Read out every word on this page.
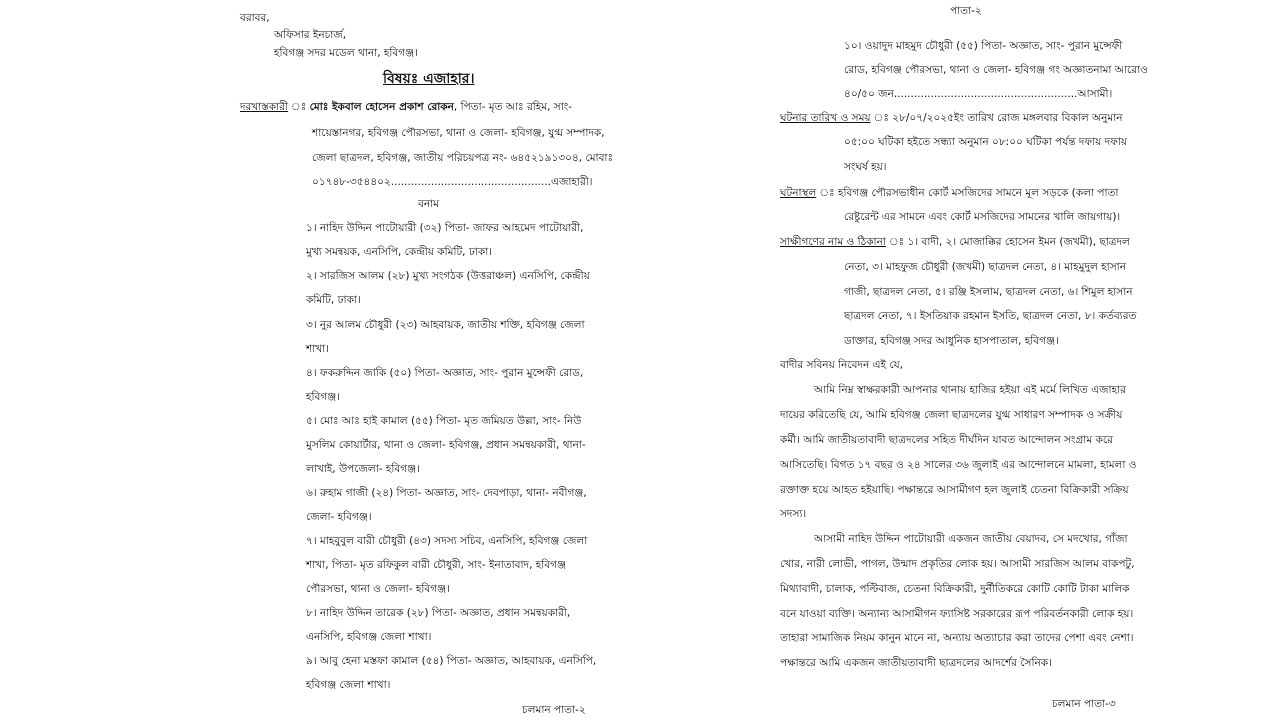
বরাবর,
অফিসার ইনচার্জ,
হবিগঞ্জ সদর মডেল থানা, হবিগঞ্জ।
বিষয়ঃ এজাহার।
দরখাস্তকারী মোঃ ইকবাল হোসেন প্রকাশ রোকন, পিতা- মৃত আঃ রহিম, সাং-
শায়েস্তানগর, হবিগঞ্জ পৌরসভা, থানা ও জেলা- হবিগঞ্জ, যুগ্ম সম্পাদক,
জেলা ছাত্রদল, হবিগঞ্জ, জাতীয় পরিচয়পত্র নং- ৬৪৫২১৯১৩০৪, মোবাঃ
০১৭৪৮-৩৫৪৪০২................................................এজাহারী।
বনাম
১। নাহিদ উদ্দিন পাটোয়ারী (৩২) পিতা- জাফর আহমেদ পাটোয়ারী,
মুখ্য সমন্বয়ক, এনসিপি, কেন্দ্রীয় কমিটি, ঢাকা।
২। সারজিস আলম (২৮) মুখ্য সংগঠক (উত্তরাঞ্চল) এনসিপি, কেন্দ্রীয়
কমিটি, ঢাকা।
৩। নুর আলম চৌধুরী (২৩) আহবায়ক, জাতীয় শক্তি, হবিগঞ্জ জেলা
শাখা।
৪। ফকরুদ্দিন জাকি (৫০) পিতা- অজ্ঞাত, সাং- পুরান মুন্সেফী রোড,
হবিগঞ্জ।
৫। মোঃ আঃ হাই কামাল (৫৫) পিতা- মৃত জমিয়ত উল্লা, সাং- নিউ
মুসলিম কোয়ার্টার, থানা ও জেলা- হবিগঞ্জ, প্রধান সমন্বয়কারী, থানা-
লাখাই, উপজেলা- হবিগঞ্জ।
৬। রুহাম গাজী (২৪) পিতা- অজ্ঞাত, সাং- দেবপাড়া, থানা- নবীগঞ্জ,
জেলা- হবিগঞ্জ।
৭। মাহবুবুল বারী চৌধুরী (৪৩) সদস্য সচিব, এনসিপি, হবিগঞ্জ জেলা
শাখা, পিতা- মৃত রফিকুল বারী চৌধুরী, সাং- ইনাতাবাদ, হবিগঞ্জ
পৌরসভা, থানা ও জেলা- হবিগঞ্জ।
৮। নাহিদ উদ্দিন তারেক (২৮) পিতা- অজ্ঞাত, প্রধান সমন্বয়কারী,
এনসিপি, হবিগঞ্জ জেলা শাখা।
৯। আবু হেনা মস্তফা কামাল (৫৪) পিতা- অজ্ঞাত, আহবায়ক, এনসিপি,
হবিগঞ্জ জেলা শাখা।
চলমান পাতা-২
পাতা-২
১০। ওয়াদুদ মাহমুদ চৌধুরী (৫৫) পিতা- অজ্ঞাত, সাং- পুরান মুন্সেফী
রোড, হবিগঞ্জ পৌরসভা, থানা ও জেলা- হবিগঞ্জ গং অজ্ঞাতনামা আরোও
৪০/৫০ জন.......................................................আসামী।
ঘটনার তারিখ ও সময় ঃ ২৮/০৭/২০২৫ইং তারিখ রোজ মঙ্গলবার বিকাল অনুমান
০৫:০০ ঘটিকা হইতে সন্ধ্যা অনুমান ০৮:০০ ঘটিকা পর্যন্ত দফায় দফায়
সংঘর্ষ হয়।
ঘটনাস্থল ঃ হবিগঞ্জ পৌরসভাধীন কোর্ট মসজিদের সামনে মূল সড়কে (কলা পাতা
রেষ্টুরেন্ট এর সামনে এবং কোর্ট মসজিদের সামনের খালি জায়গায়)।
সাক্ষীগণের নাম ও ঠিকানা ঃ ১। বাদী, ২। মোজাক্কির হোসেন ইমন (জখমী), ছাত্রদল
নেতা, ৩। মাহফুজ চৌধুরী (জখমী) ছাত্রদল নেতা, ৪। মাহমুদুল হাসান
গাজী, ছাত্রদল নেতা, ৫। রঞ্জি ইসলাম, ছাত্রদল নেতা, ৬। শিমুল হাসান
ছাত্রদল নেতা, ৭। ইসতিয়াক রহমান ইসতি, ছাত্রদল নেতা, ৮। কর্তব্যরত
ডাক্তার, হবিগঞ্জ সদর আধুনিক হাসপাতাল, হবিগঞ্জ।
বাদীর সবিনয় নিবেদন এই যে,
আমি নিম্ন স্বাক্ষরকারী আপনার থানায় হাজির হইয়া এই মর্মে লিখিত এজাহার
দায়ের করিতেছি যে, আমি হবিগঞ্জ জেলা ছাত্রদলের যুগ্ম সাধারণ সম্পাদক ও সক্রীয়
কর্মী। আমি জাতীয়তাবাদী ছাত্রদলের সহিত দীর্ঘদিন যাবত আন্দোলন সংগ্রাম করে
আসিতেছি। বিগত ১৭ বছর ও ২৪ সালের ৩৬ জুলাই এর আন্দোলনে মামলা, হামলা ও
রক্তাক্ত হয়ে আহত হইয়াছি। পক্ষান্তরে আসামীগণ হল জুলাই চেতনা বিক্রিকারী সক্রিয়
সদস্য।
আসামী নাহিদ উদ্দিন পাটোয়ারী একজন জাতীয় বেয়াদব, সে মদখোর, গাঁজা
খোর, নারী লোভী, পাগল, উন্মাদ প্রকৃতির লোক হয়। আসামী সারজিস আলম বাকপটু,
মিথ্যাবাদী, চালাক, পল্টিবাজ, চেতনা বিক্রিকারী, দুর্নীতিকরে কোটি কোটি টাকা মালিক
বনে যাওয়া ব্যক্তি। অন্যান্য আসামীগন ফ্যাসিষ্ট সরকারের রূপ পরিবর্তনকারী লোক হয়।
তাহারা সামাজিক নিয়ম কানুন মানে না, অন্যায় অত্যাচার করা তাদের পেশা এবং নেশা।
পক্ষান্তরে আমি একজন জাতীয়তাবাদী ছাত্রদলের আদর্শের সৈনিক।
চলমান পাতা-৩
